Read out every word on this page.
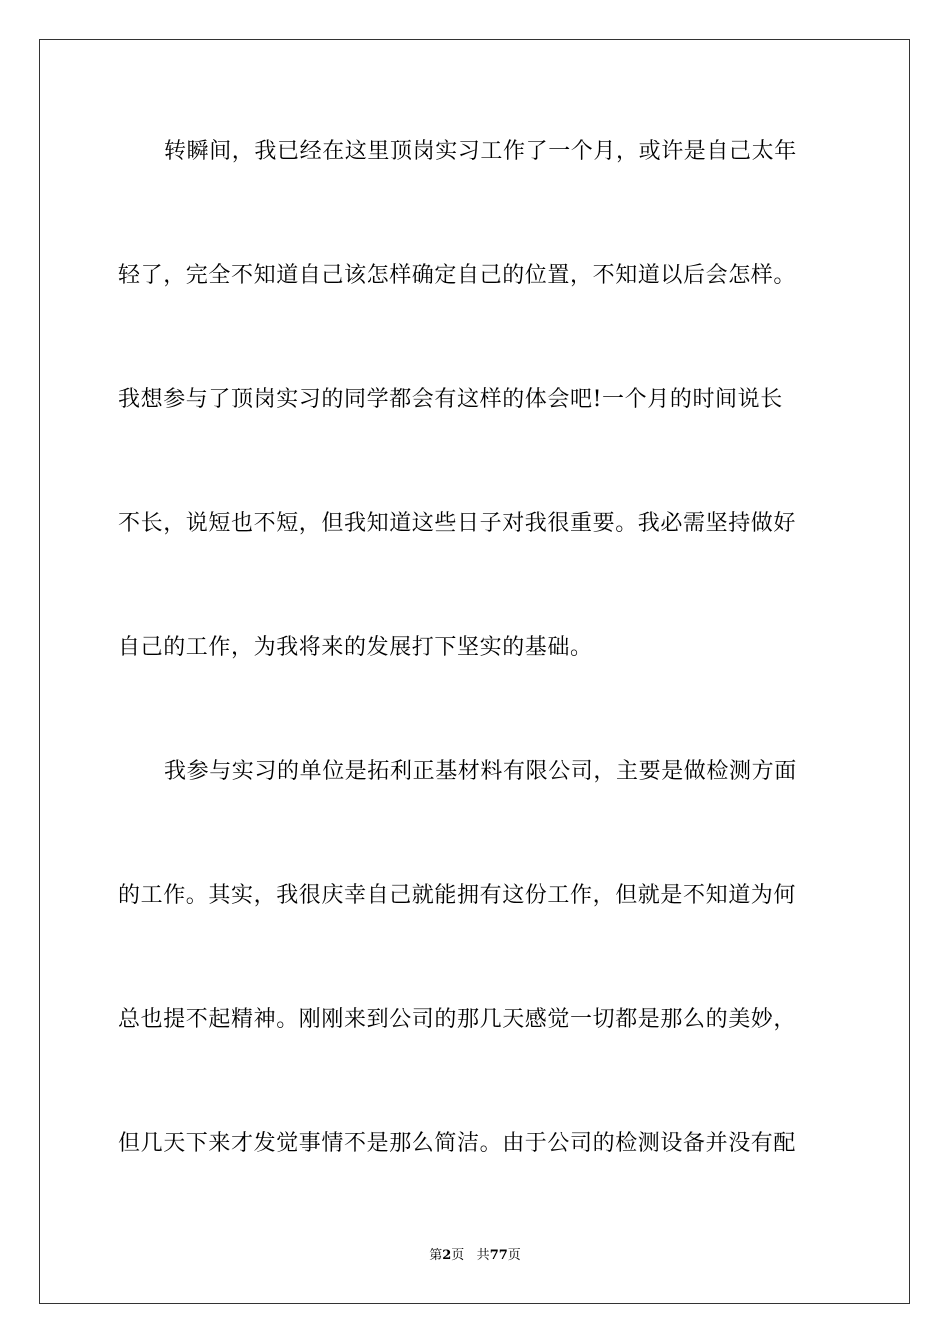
转瞬间，我已经在这里顶岗实习工作了一个月，或许是自己太年
轻了，完全不知道自己该怎样确定自己的位置，不知道以后会怎样。
我想参与了顶岗实习的同学都会有这样的体会吧!一个月的时间说长
不长，说短也不短，但我知道这些日子对我很重要。我必需坚持做好
自己的工作，为我将来的发展打下坚实的基础。
我参与实习的单位是拓利正基材料有限公司，主要是做检测方面
的工作。其实，我很庆幸自己就能拥有这份工作，但就是不知道为何
总也提不起精神。刚刚来到公司的那几天感觉一切都是那么的美妙，
但几天下来才发觉事情不是那么简洁。由于公司的检测设备并没有配
第2页 共77页
